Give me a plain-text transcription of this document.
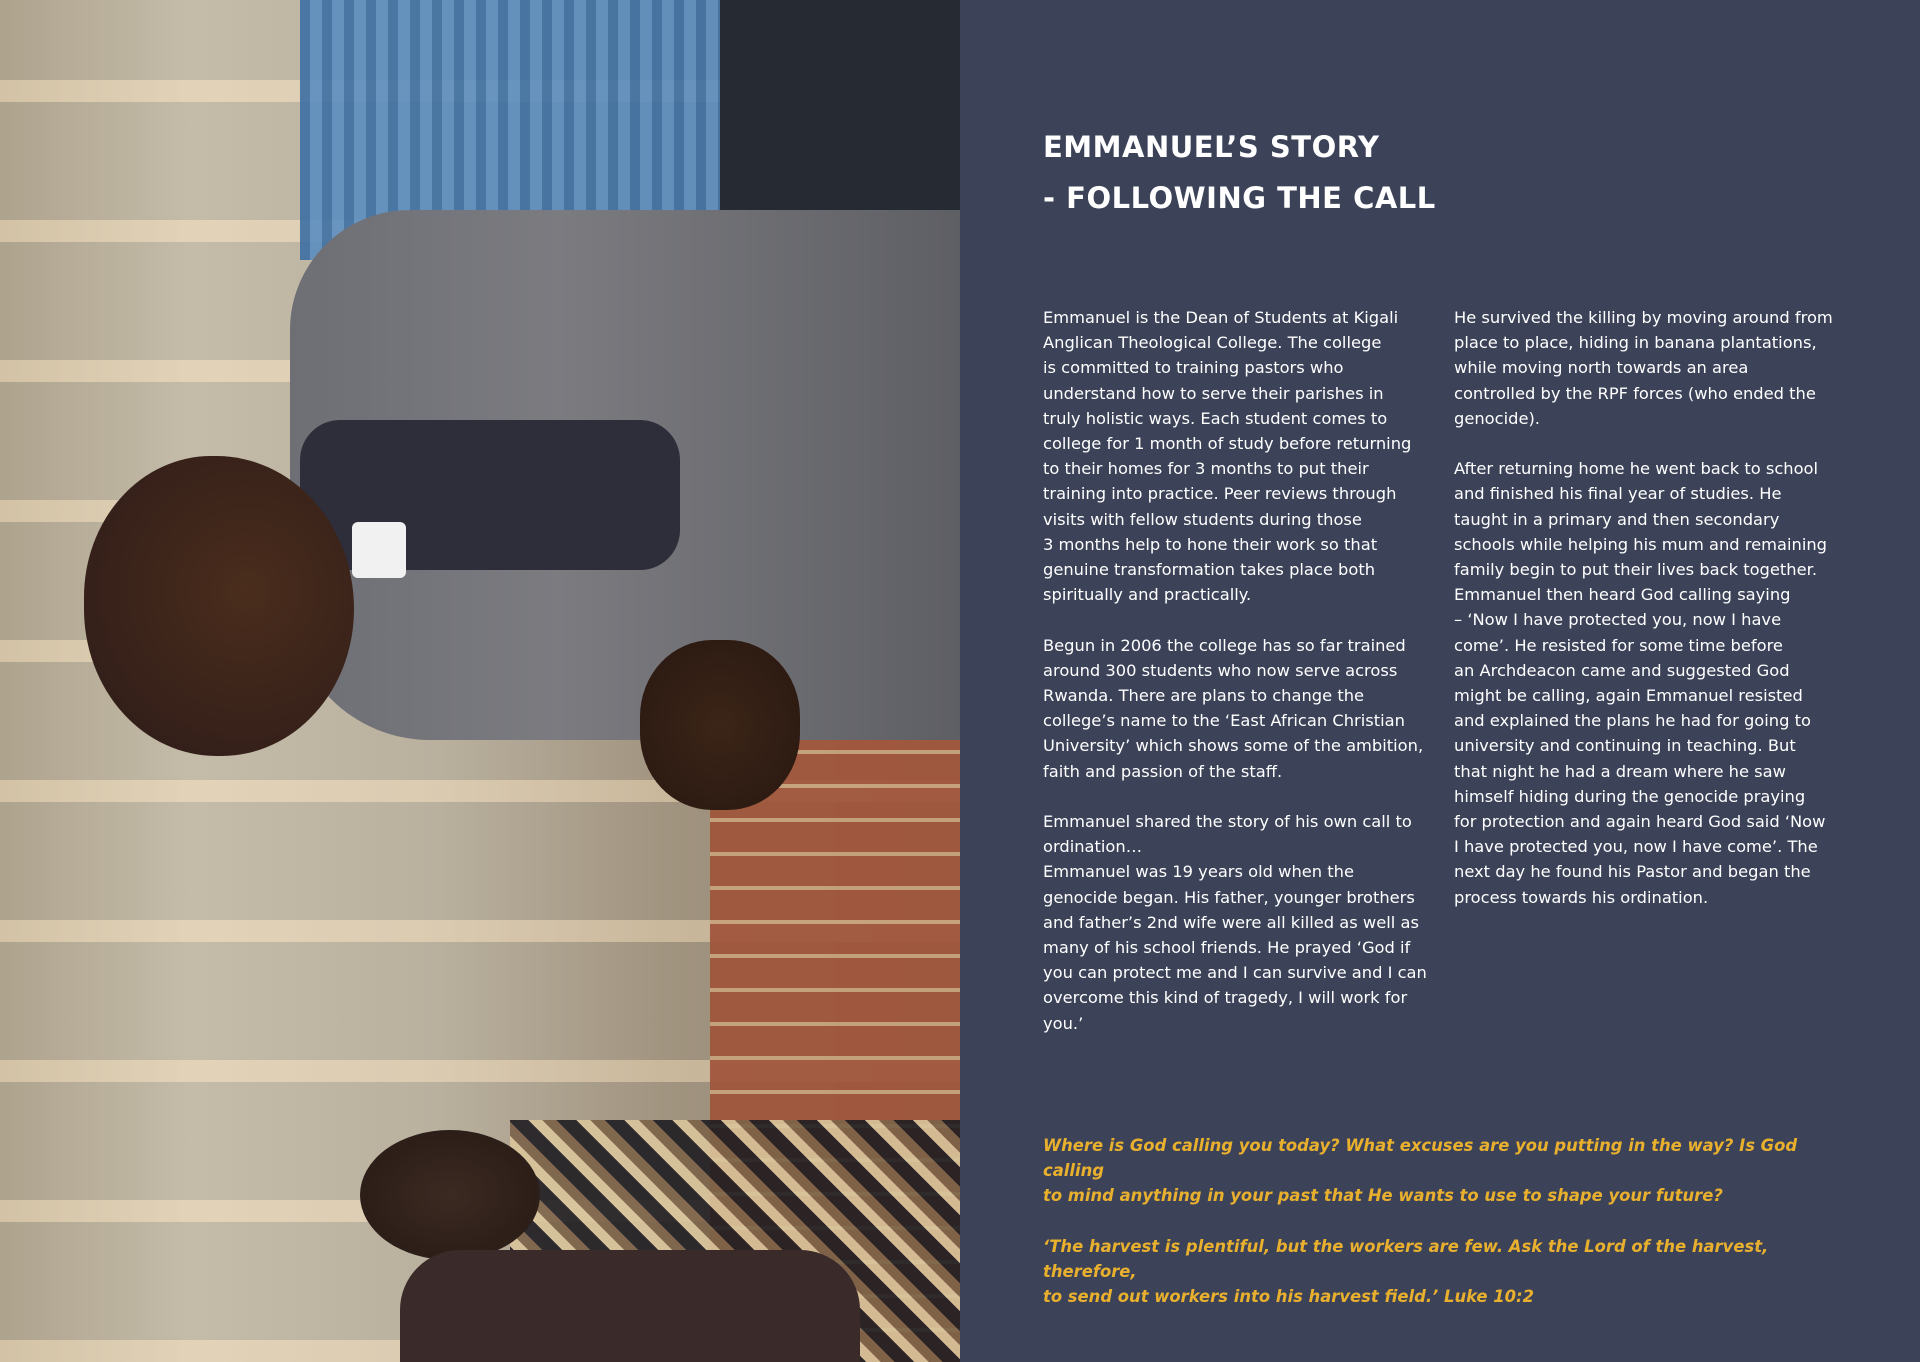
EMMANUEL’S STORY
- FOLLOWING THE CALL

Emmanuel is the Dean of Students at Kigali
Anglican Theological College. The college
is committed to training pastors who
understand how to serve their parishes in
truly holistic ways. Each student comes to
college for 1 month of study before returning
to their homes for 3 months to put their
training into practice. Peer reviews through
visits with fellow students during those
3 months help to hone their work so that
genuine transformation takes place both
spiritually and practically.

Begun in 2006 the college has so far trained
around 300 students who now serve across
Rwanda. There are plans to change the
college’s name to the ‘East African Christian
University’ which shows some of the ambition,
faith and passion of the staff.

Emmanuel shared the story of his own call to
ordination…

Emmanuel was 19 years old when the
genocide began. His father, younger brothers
and father’s 2nd wife were all killed as well as
many of his school friends. He prayed ‘God if
you can protect me and I can survive and I can
overcome this kind of tragedy, I will work for
you.’

He survived the killing by moving around from
place to place, hiding in banana plantations,
while moving north towards an area
controlled by the RPF forces (who ended the
genocide).

After returning home he went back to school
and finished his final year of studies. He
taught in a primary and then secondary
schools while helping his mum and remaining
family begin to put their lives back together.
Emmanuel then heard God calling saying
– ‘Now I have protected you, now I have
come’. He resisted for some time before
an Archdeacon came and suggested God
might be calling, again Emmanuel resisted
and explained the plans he had for going to
university and continuing in teaching. But
that night he had a dream where he saw
himself hiding during the genocide praying
for protection and again heard God said ‘Now
I have protected you, now I have come’. The
next day he found his Pastor and began the
process towards his ordination.

Where is God calling you today? What excuses are you putting in the way? Is God calling
to mind anything in your past that He wants to use to shape your future?

‘The harvest is plentiful, but the workers are few. Ask the Lord of the harvest, therefore,
to send out workers into his harvest field.’ Luke 10:2
